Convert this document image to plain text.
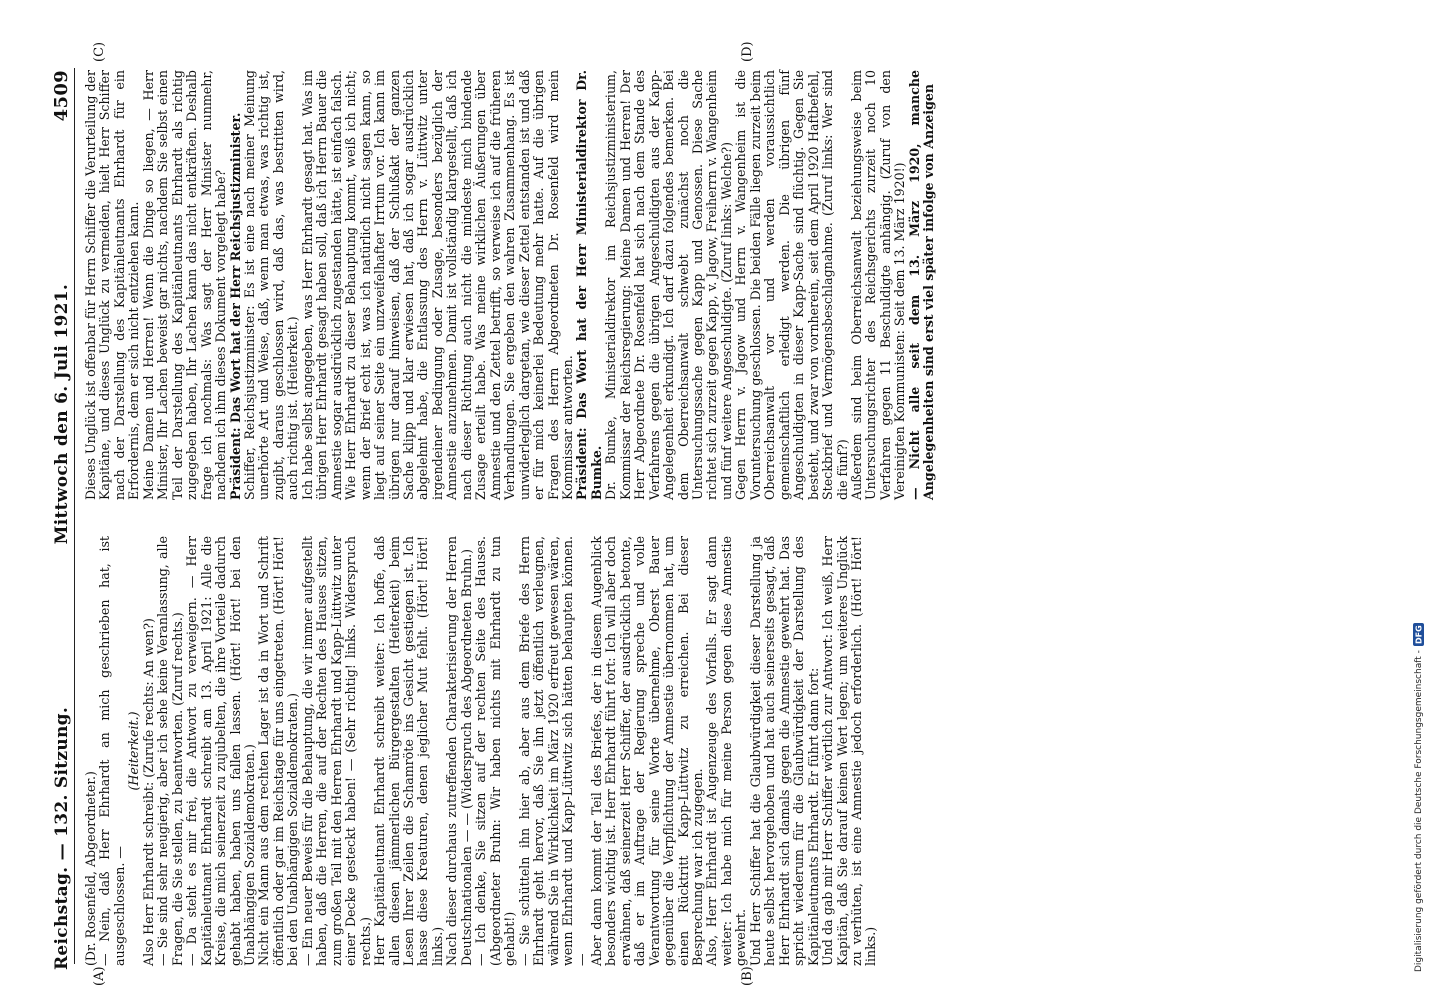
Reichstag. — 132. Sitzung.
Mittwoch den 6. Juli 1921.
4509
(A)	(B)
(C)	(D)

(Dr. Rosenfeld, Abgeordneter.) — Nein, daß Herr Ehrhardt an mich geschrieben hat, ist ausgeschlossen. —

(Heiterkeit.) Also Herr Ehrhardt schreibt: (Zurufe rechts: An wen?) — Sie sind sehr neugierig, aber ich sehe keine Veranlassung, alle Fragen, die Sie stellen, zu beantworten. (Zuruf rechts.) — Da steht es mir frei, die Antwort zu verweigern. — Herr Kapitänleutnant Ehrhardt schreibt am 13. April 1921: Alle die Kreise, die mich seinerzeit zu zujubelten, die ihre Vorteile dadurch gehabt haben, haben uns fallen lassen. (Hört! Hört! bei den Unabhängigen Sozialdemokraten.) Nicht ein Mann aus dem rechten Lager ist da in Wort und Schrift öffentlich oder gar im Reichstage für uns eingetreten. (Hört! Hört! bei den Unabhängigen Sozialdemokraten.) — Ein neuer Beweis für die Behauptung, die wir immer aufgestellt haben, daß die Herren, die auf der Rechten des Hauses sitzen, zum großen Teil mit den Herren Ehrhardt und Kapp-Lüttwitz unter einer Decke gesteckt haben! — (Sehr richtig! links. Widerspruch rechts.) Herr Kapitänleutnant Ehrhardt schreibt weiter: Ich hoffe, daß allen diesen jämmerlichen Bürgergestalten (Heiterkeit) beim Lesen Ihrer Zeilen die Schamröte ins Gesicht gestiegen ist. Ich hasse diese Kreaturen, denen jeglicher Mut fehlt. (Hört! Hört! links.) Nach dieser durchaus zutreffenden Charakterisierung der Herren Deutschnationalen — — (Widerspruch des Abgeordneten Bruhn.) — Ich denke, Sie sitzen auf der rechten Seite des Hauses. (Abgeordneter Bruhn: Wir haben nichts mit Ehrhardt zu tun gehabt!) — Sie schütteln ihn hier ab, aber aus dem Briefe des Herrn Ehrhardt geht hervor, daß Sie ihn jetzt öffentlich verleugnen, während Sie in Wirklichkeit im März 1920 erfreut gewesen wären, wenn Ehrhardt und Kapp-Lüttwitz sich hätten behaupten können. — Aber dann kommt der Teil des Briefes, der in diesem Augenblick besonders wichtig ist. Herr Ehrhardt führt fort: Ich will aber doch erwähnen, daß seinerzeit Herr Schiffer, der ausdrücklich betonte, daß er im Auftrage der Regierung spreche und volle Verantwortung für seine Worte übernehme, Oberst Bauer gegenüber die Verpflichtung der Amnestie übernommen hat, um einen Rücktritt Kapp-Lüttwitz zu erreichen. Bei dieser Besprechung war ich zugegen. Also, Herr Ehrhardt ist Augenzeuge des Vorfalls. Er sagt dann weiter: Ich habe mich für meine Person gegen diese Amnestie gewehrt. Und Herr Schiffer hat die Glaubwürdigkeit dieser Darstellung ja heute selbst hervorgehoben und hat auch seinerseits gesagt, daß Herr Ehrhardt sich damals gegen die Amnestie gewehrt hat. Das spricht wiederum für die Glaubwürdigkeit der Darstellung des Kapitänleutnants Ehrhardt. Er führt dann fort: Und da gab mir Herr Schiffer wörtlich zur Antwort: Ich weiß, Herr Kapitän, daß Sie darauf keinen Wert legen; um weiteres Unglück zu verhüten, ist eine Amnestie jedoch erforderlich. (Hört! Hört! links.)

Dieses Unglück ist offenbar für Herrn Schiffer die Verurteilung der Kapitäne, und dieses Unglück zu vermeiden, hielt Herr Schiffer nach der Darstellung des Kapitänleutnants Ehrhardt für ein Erfordernis, dem er sich nicht entziehen kann. Meine Damen und Herren! Wenn die Dinge so liegen, — Herr Minister, Ihr Lachen beweist gar nichts, nachdem Sie selbst einen Teil der Darstellung des Kapitänleutnants Ehrhardt als richtig zugegeben haben, Ihr Lachen kann das nicht entkräften. Deshalb frage ich nochmals: Was sagt der Herr Minister nunmehr, nachdem ich ihm dieses Dokument vorgelegt habe? Präsident: Das Wort hat der Herr Reichsjustizminister. Schiffer, Reichsjustizminister: Es ist eine nach meiner Meinung unerhörte Art und Weise, daß, wenn man etwas, was richtig ist, zugibt, daraus geschlossen wird, daß das, was bestritten wird, auch richtig ist. (Heiterkeit.) Ich habe selbst angegeben, was Herr Ehrhardt gesagt hat. Was im übrigen Herr Ehrhardt gesagt haben soll, daß ich Herrn Bauer die Amnestie sogar ausdrücklich zugestanden hätte, ist einfach falsch. Wie Herr Ehrhardt zu dieser Behauptung kommt, weiß ich nicht; wenn der Brief echt ist, was ich natürlich nicht sagen kann, so liegt auf seiner Seite ein unzweifelhafter Irrtum vor. Ich kann im übrigen nur darauf hinweisen, daß der Schlußakt der ganzen Sache klipp und klar erwiesen hat, daß ich sogar ausdrücklich abgelehnt habe, die Entlassung des Herrn v. Lüttwitz unter irgendeiner Bedingung oder Zusage, besonders bezüglich der Amnestie anzunehmen. Damit ist vollständig klargestellt, daß ich nach dieser Richtung auch nicht die mindeste mich bindende Zusage erteilt habe. Was meine wirklichen Äußerungen über Amnestie und den Zettel betrifft, so verweise ich auf die früheren Verhandlungen. Sie ergeben den wahren Zusammenhang. Es ist unwiderleglich dargetan, wie dieser Zettel entstanden ist und daß er für mich keinerlei Bedeutung mehr hatte. Auf die übrigen Fragen des Herrn Abgeordneten Dr. Rosenfeld wird mein Kommissar antworten. Präsident: Das Wort hat der Herr Ministerialdirektor Dr. Bumke. Dr. Bumke, Ministerialdirektor im Reichsjustizministerium, Kommissar der Reichsregierung: Meine Damen und Herren! Der Herr Abgeordnete Dr. Rosenfeld hat sich nach dem Stande des Verfahrens gegen die übrigen Angeschuldigten aus der Kapp-Angelegenheit erkundigt. Ich darf dazu folgendes bemerken. Bei dem Oberreichsanwalt schwebt zunächst noch die Untersuchungssache gegen Kapp und Genossen. Diese Sache richtet sich zurzeit gegen Kapp, v. Jagow, Freiherrn v. Wangenheim und fünf weitere Angeschuldigte. (Zuruf links: Welche?) Gegen Herrn v. Jagow und Herrn v. Wangenheim ist die Voruntersuchung geschlossen. Die beiden Fälle liegen zurzeit beim Oberreichsanwalt vor und werden voraussichtlich gemeinschaftlich erledigt werden. Die übrigen fünf Angeschuldigten in dieser Kapp-Sache sind flüchtig. Gegen Sie besteht, und zwar von vornherein, seit dem April 1920 Haftbefehl, Steckbrief und Vermögensbeschlagnahme. (Zuruf links: Wer sind die fünf?) Außerdem sind beim Oberreichsanwalt beziehungsweise beim Untersuchungsrichter des Reichsgerichts zurzeit noch 10 Verfahren gegen 11 Beschuldigte anhängig. (Zuruf von den Vereinigten Kommunisten: Seit dem 13. März 1920!) — Nicht alle seit dem 13. März 1920, manche Angelegenheiten sind erst viel später infolge von Anzeigen

Digitalisierung gefördert durch die Deutsche Forschungsgemeinschaft -
DFG
